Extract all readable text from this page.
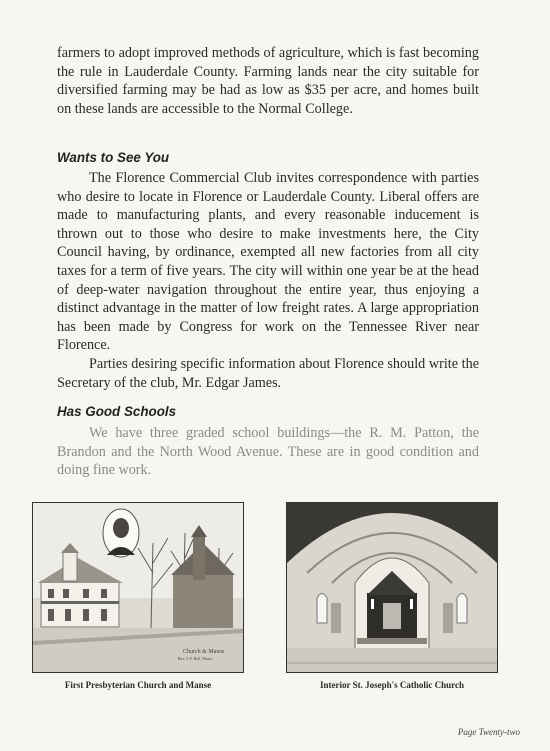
farmers to adopt improved methods of agriculture, which is fast becoming the rule in Lauderdale County. Farming lands near the city suitable for diversified farming may be had as low as $35 per acre, and homes built on these lands are accessible to the Normal College.

Wants to See You

The Florence Commercial Club invites correspondence with parties who desire to locate in Florence or Lauderdale County. Liberal offers are made to manufacturing plants, and every reasonable inducement is thrown out to those who desire to make investments here, the City Council having, by ordinance, exempted all new factories from all city taxes for a term of five years. The city will within one year be at the head of deep-water navigation throughout the entire year, thus enjoying a distinct advantage in the matter of low freight rates. A large appropriation has been made by Congress for work on the Tennessee River near Florence.

Parties desiring specific information about Florence should write the Secretary of the club, Mr. Edgar James.

Has Good Schools

We have three graded school buildings—the R. M. Patton, the Brandon and the North Wood Avenue. These are in good condition and doing fine work.

Church & Manse
Rev. C.F. Bell, Pastor
First Presbyterian Church and Manse	Interior St. Joseph's Catholic Church
Page Twenty-two
